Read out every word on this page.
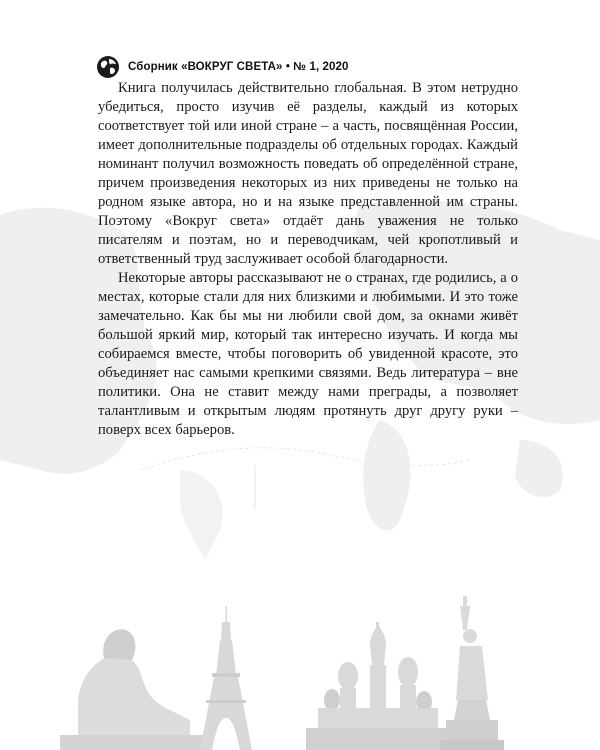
Сборник «ВОКРУГ СВЕТА» • № 1, 2020

Книга получилась действительно глобальная. В этом нетрудно убедиться, просто изучив её разделы, каждый из которых соответствует той или иной стране – а часть, посвящённая России, имеет дополнительные подразделы об отдельных городах. Каждый номинант получил возможность поведать об определённой стране, причем произведения некоторых из них приведены не только на родном языке автора, но и на языке представленной им страны. Поэтому «Вокруг света» отдаёт дань уважения не только писателям и поэтам, но и переводчикам, чей кропотливый и ответственный труд заслуживает особой благодарности.

Некоторые авторы рассказывают не о странах, где родились, а о местах, которые стали для них близкими и любимыми. И это тоже замечательно. Как бы мы ни любили свой дом, за окнами живёт большой яркий мир, который так интересно изучать. И когда мы собираемся вместе, чтобы поговорить об увиденной красоте, это объединяет нас самыми крепкими связями. Ведь литература – вне политики. Она не ставит между нами преграды, а позволяет талантливым и открытым людям протянуть друг другу руки – поверх всех барьеров.
